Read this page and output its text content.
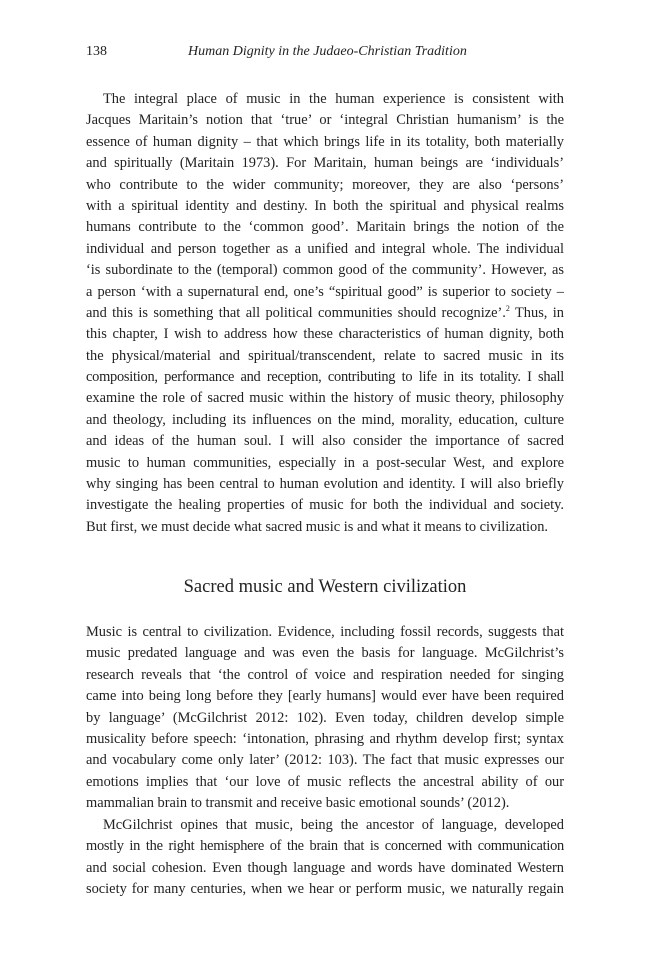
138	Human Dignity in the Judaeo-Christian Tradition

The integral place of music in the human experience is consistent with
Jacques Maritain’s notion that ‘true’ or ‘integral Christian humanism’ is the
essence of human dignity – that which brings life in its totality, both materially
and spiritually (Maritain 1973). For Maritain, human beings are ‘individuals’
who contribute to the wider community; moreover, they are also ‘persons’
with a spiritual identity and destiny. In both the spiritual and physical realms
humans contribute to the ‘common good’. Maritain brings the notion of the
individual and person together as a unified and integral whole. The individual
‘is subordinate to the (temporal) common good of the community’. However, as
a person ‘with a supernatural end, one’s “spiritual good” is superior to society –
and this is something that all political communities should recognize’.$^2$ Thus, in
this chapter, I wish to address how these characteristics of human dignity, both
the physical/material and spiritual/transcendent, relate to sacred music in its
composition, performance and reception, contributing to life in its totality. I shall
examine the role of sacred music within the history of music theory, philosophy
and theology, including its influences on the mind, morality, education, culture
and ideas of the human soul. I will also consider the importance of sacred
music to human communities, especially in a post-secular West, and explore
why singing has been central to human evolution and identity. I will also briefly
investigate the healing properties of music for both the individual and society.
But first, we must decide what sacred music is and what it means to civilization.

Sacred music and Western civilization

Music is central to civilization. Evidence, including fossil records, suggests that
music predated language and was even the basis for language. McGilchrist’s
research reveals that ‘the control of voice and respiration needed for singing
came into being long before they [early humans] would ever have been required
by language’ (McGilchrist 2012: 102). Even today, children develop simple
musicality before speech: ‘intonation, phrasing and rhythm develop first; syntax
and vocabulary come only later’ (2012: 103). The fact that music expresses our
emotions implies that ‘our love of music reflects the ancestral ability of our
mammalian brain to transmit and receive basic emotional sounds’ (2012).

McGilchrist opines that music, being the ancestor of language, developed
mostly in the right hemisphere of the brain that is concerned with communication
and social cohesion. Even though language and words have dominated Western
society for many centuries, when we hear or perform music, we naturally regain
